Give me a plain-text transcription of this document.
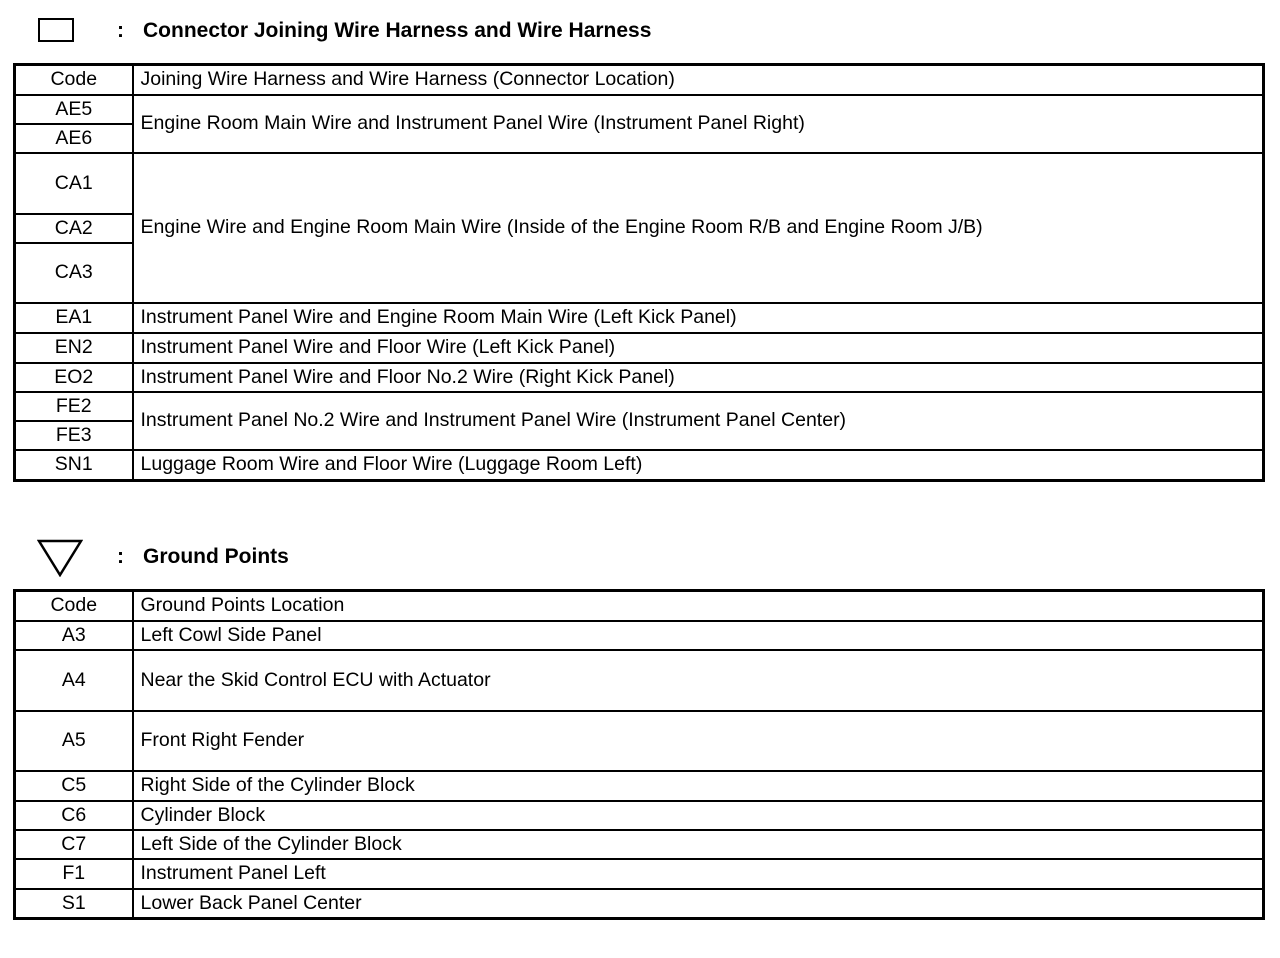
: Connector Joining Wire Harness and Wire Harness
Code	Joining Wire Harness and Wire Harness (Connector Location)
AE5	Engine Room Main Wire and Instrument Panel Wire (Instrument Panel Right)
AE6	
CA1	Engine Wire and Engine Room Main Wire (Inside of the Engine Room R/B and Engine Room J/B)
CA2	
CA3	
EA1	Instrument Panel Wire and Engine Room Main Wire (Left Kick Panel)
EN2	Instrument Panel Wire and Floor Wire (Left Kick Panel)
EO2	Instrument Panel Wire and Floor No.2 Wire (Right Kick Panel)
FE2	Instrument Panel No.2 Wire and Instrument Panel Wire (Instrument Panel Center)
FE3	
SN1	Luggage Room Wire and Floor Wire (Luggage Room Left)
: Ground Points
Code	Ground Points Location
A3	Left Cowl Side Panel
A4	Near the Skid Control ECU with Actuator
A5	Front Right Fender
C5	Right Side of the Cylinder Block
C6	Cylinder Block
C7	Left Side of the Cylinder Block
F1	Instrument Panel Left
S1	Lower Back Panel Center
